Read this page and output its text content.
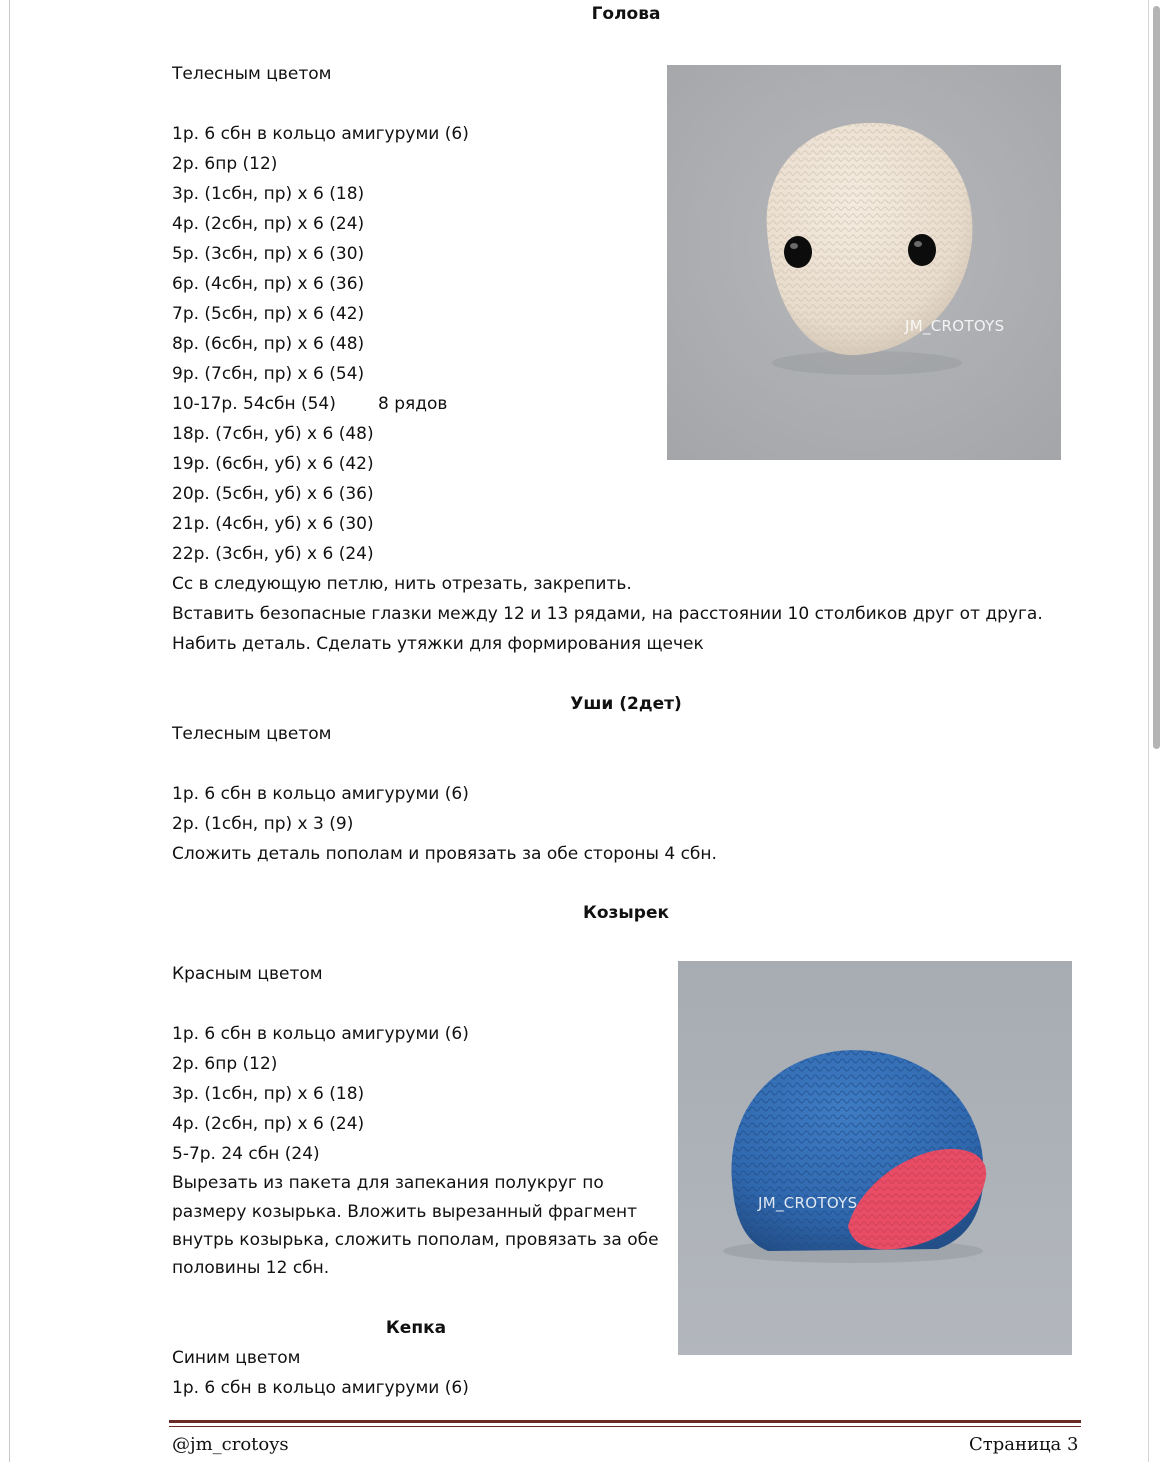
Голова
Телесным цветом
1р. 6 сбн в кольцо амигуруми (6)
2р. 6пр (12)
3р. (1сбн, пр) х 6 (18)
4р. (2сбн, пр) х 6 (24)
5р. (3сбн, пр) х 6 (30)
6р. (4сбн, пр) х 6 (36)
7р. (5сбн, пр) х 6 (42)
8р. (6сбн, пр) х 6 (48)
9р. (7сбн, пр) х 6 (54)
10-17р. 54сбн (54) 8 рядов
18р. (7сбн, уб) х 6 (48)
19р. (6сбн, уб) х 6 (42)
20р. (5сбн, уб) х 6 (36)
21р. (4сбн, уб) х 6 (30)
22р. (3сбн, уб) х 6 (24)
Сс в следующую петлю, нить отрезать, закрепить.
Вставить безопасные глазки между 12 и 13 рядами, на расстоянии 10 столбиков друг от друга.
Набить деталь. Сделать утяжки для формирования щечек
JM_CROTOYS
Уши (2дет)
Телесным цветом
1р. 6 сбн в кольцо амигуруми (6)
2р. (1сбн, пр) х 3 (9)
Сложить деталь пополам и провязать за обе стороны 4 сбн.
Козырек
Красным цветом
1р. 6 сбн в кольцо амигуруми (6)
2р. 6пр (12)
3р. (1сбн, пр) х 6 (18)
4р. (2сбн, пр) х 6 (24)
5-7р. 24 сбн (24)
Вырезать из пакета для запекания полукруг по
размеру козырька. Вложить вырезанный фрагмент
внутрь козырька, сложить пополам, провязать за обе
половины 12 сбн.
JM_CROTOYS
Кепка
Синим цветом
1р. 6 сбн в кольцо амигуруми (6)
@jm_crotoys	Страница 3
